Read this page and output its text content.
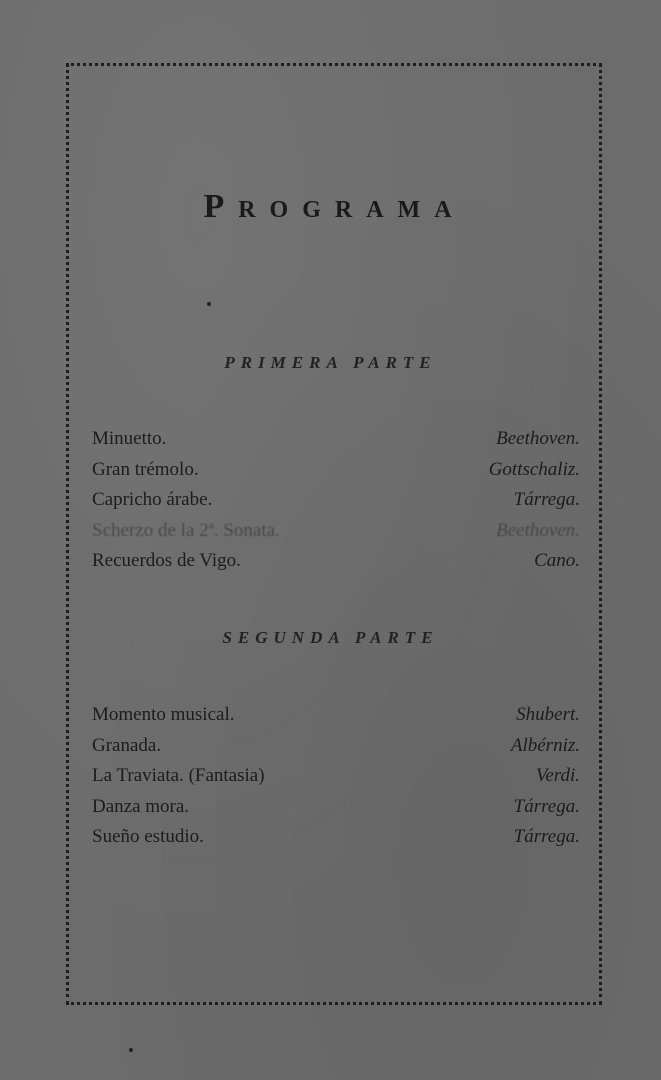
Programa
PRIMERA PARTE
Minuetto.	Beethoven.
Gran trémolo.	Gottschaliz.
Capricho árabe.	Tárrega.
Scherzo de la 2ª. Sonata.	Beethoven.
Recuerdos de Vigo.	Cano.
SEGUNDA PARTE
Momento musical.	Shubert.
Granada.	Albérniz.
La Traviata. (Fantasia)	Verdi.
Danza mora.	Tárrega.
Sueño estudio.	Tárrega.
